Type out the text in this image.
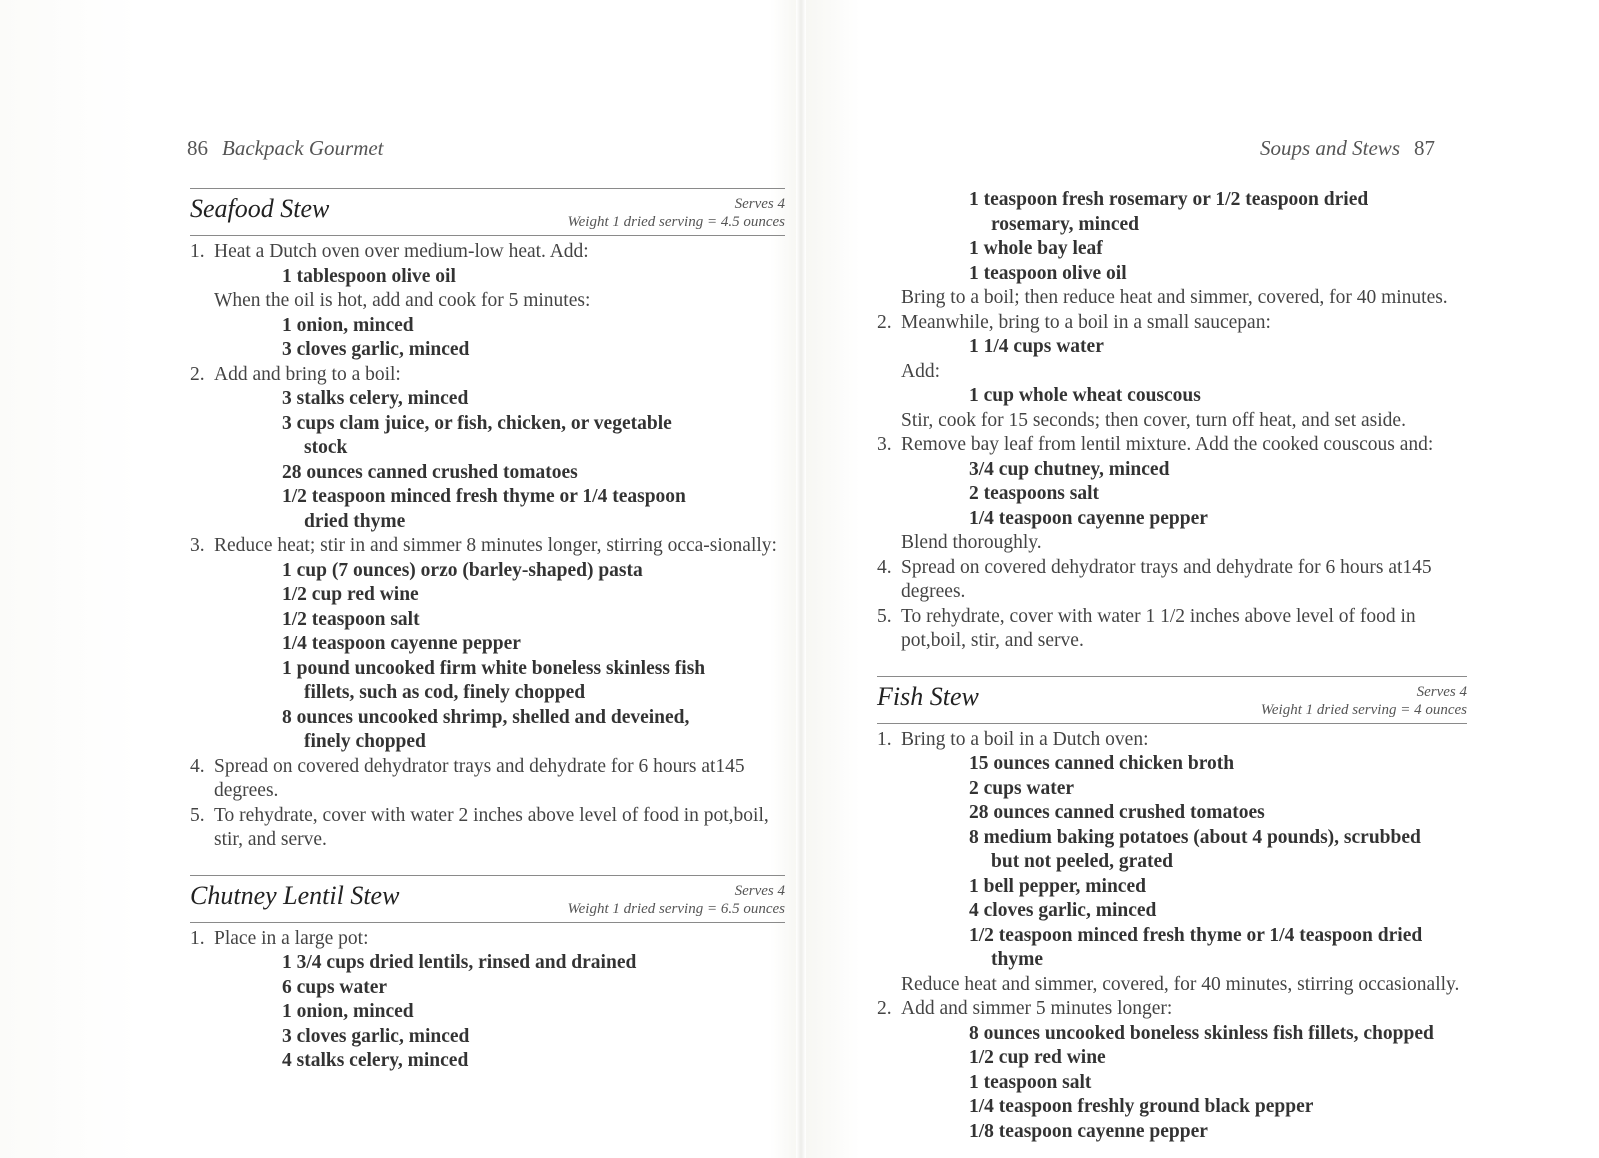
86 Backpack Gourmet	Soups and Stews 87
Seafood Stew	Serves 4
Weight 1 dried serving = 4.5 ounces
1. Heat a Dutch oven over medium-low heat. Add:
1 tablespoon olive oil
When the oil is hot, add and cook for 5 minutes:
1 onion, minced
3 cloves garlic, minced
2. Add and bring to a boil:
3 stalks celery, minced
3 cups clam juice, or fish, chicken, or vegetable
stock
28 ounces canned crushed tomatoes
1/2 teaspoon minced fresh thyme or 1/4 teaspoon
dried thyme
3. Reduce heat; stir in and simmer 8 minutes longer, stirring occa-sionally:
1 cup (7 ounces) orzo (barley-shaped) pasta
1/2 cup red wine
1/2 teaspoon salt
1/4 teaspoon cayenne pepper
1 pound uncooked firm white boneless skinless fish
fillets, such as cod, finely chopped
8 ounces uncooked shrimp, shelled and deveined,
finely chopped
4. Spread on covered dehydrator trays and dehydrate for 6 hours at145 degrees.
5. To rehydrate, cover with water 2 inches above level of food in pot,boil, stir, and serve.
Chutney Lentil Stew	Serves 4
Weight 1 dried serving = 6.5 ounces
1. Place in a large pot:
1 3/4 cups dried lentils, rinsed and drained
6 cups water
1 onion, minced
3 cloves garlic, minced
4 stalks celery, minced
1 teaspoon fresh rosemary or 1/2 teaspoon dried
rosemary, minced
1 whole bay leaf
1 teaspoon olive oil
Bring to a boil; then reduce heat and simmer, covered, for 40 minutes.
2. Meanwhile, bring to a boil in a small saucepan:
1 1/4 cups water
Add:
1 cup whole wheat couscous
Stir, cook for 15 seconds; then cover, turn off heat, and set aside.
3. Remove bay leaf from lentil mixture. Add the cooked couscous and:
3/4 cup chutney, minced
2 teaspoons salt
1/4 teaspoon cayenne pepper
Blend thoroughly.
4. Spread on covered dehydrator trays and dehydrate for 6 hours at145 degrees.
5. To rehydrate, cover with water 1 1/2 inches above level of food in pot,boil, stir, and serve.
Fish Stew	Serves 4
Weight 1 dried serving = 4 ounces
1. Bring to a boil in a Dutch oven:
15 ounces canned chicken broth
2 cups water
28 ounces canned crushed tomatoes
8 medium baking potatoes (about 4 pounds), scrubbed
but not peeled, grated
1 bell pepper, minced
4 cloves garlic, minced
1/2 teaspoon minced fresh thyme or 1/4 teaspoon dried
thyme
Reduce heat and simmer, covered, for 40 minutes, stirring occasionally.
2. Add and simmer 5 minutes longer:
8 ounces uncooked boneless skinless fish fillets, chopped
1/2 cup red wine
1 teaspoon salt
1/4 teaspoon freshly ground black pepper
1/8 teaspoon cayenne pepper
